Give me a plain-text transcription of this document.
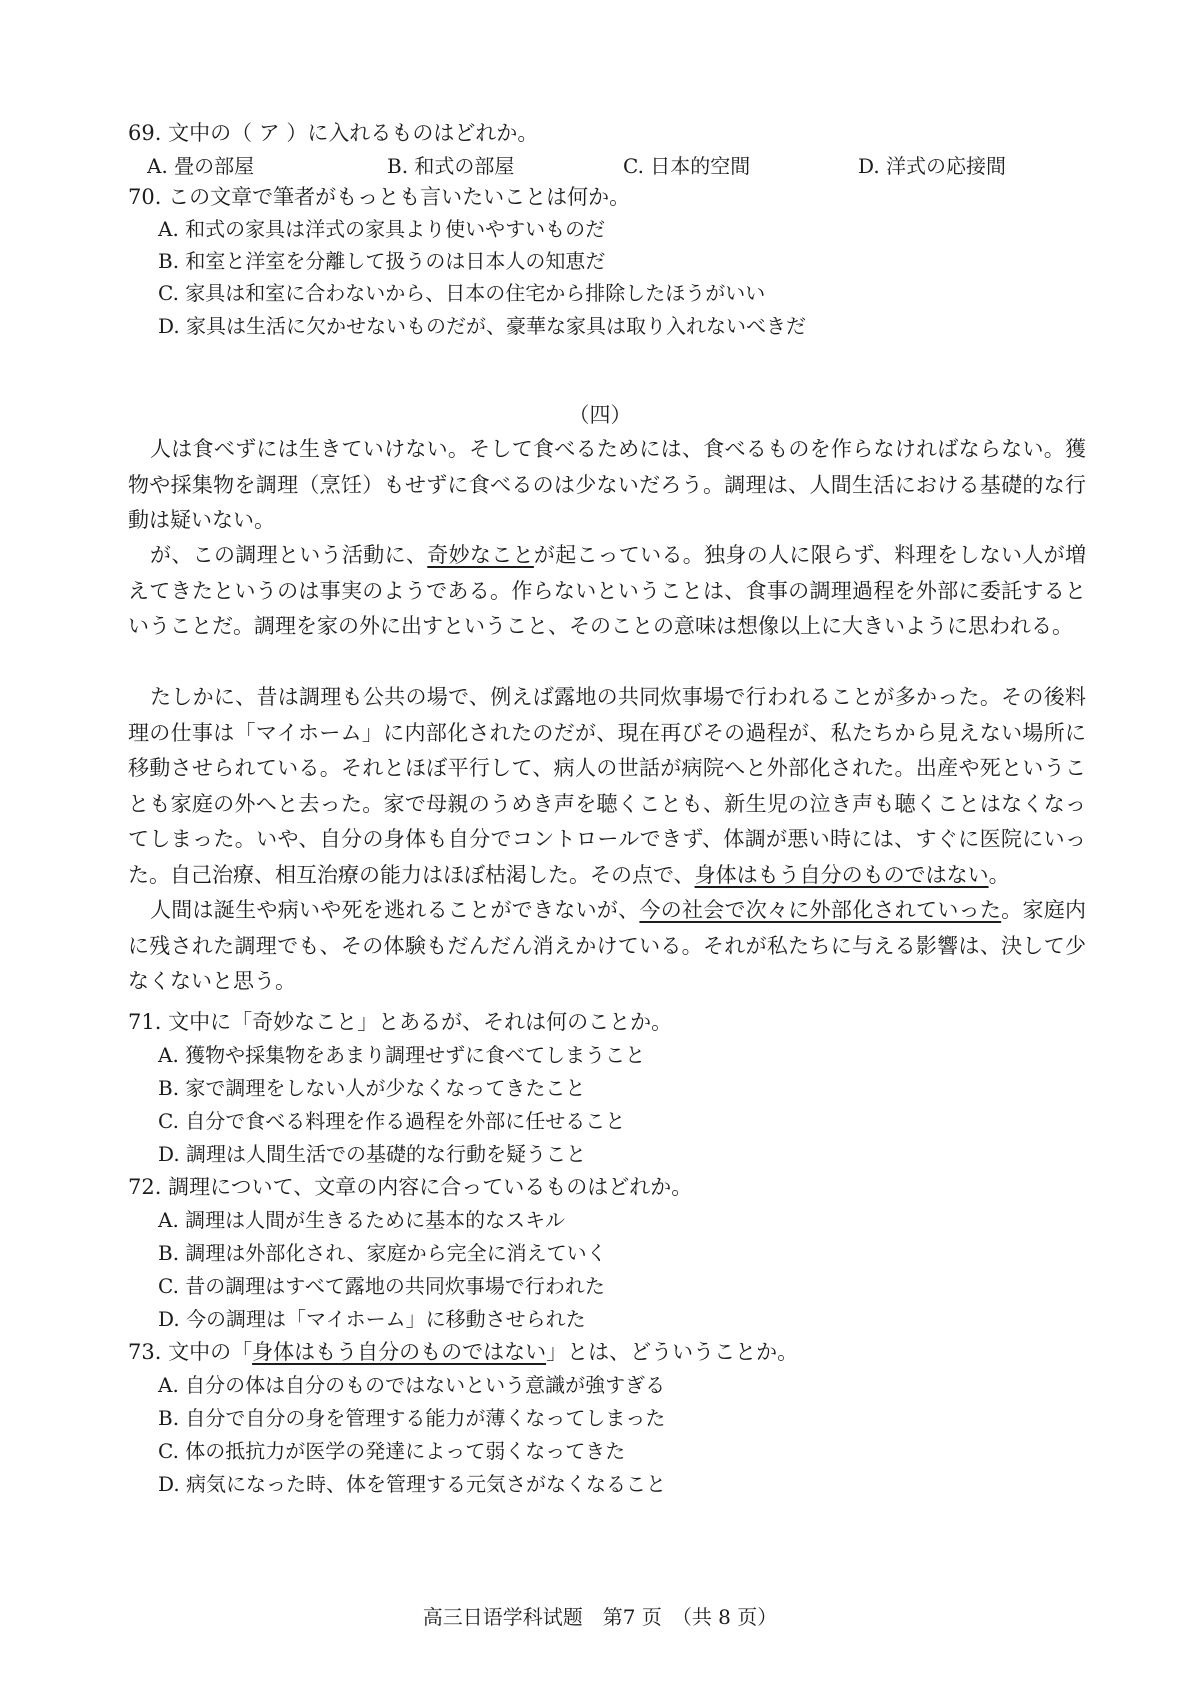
69. 文中の（ ア ）に入れるものはどれか。
A. 畳の部屋	B. 和式の部屋	C. 日本的空間	D. 洋式の応接間
70. この文章で筆者がもっとも言いたいことは何か。
A. 和式の家具は洋式の家具より使いやすいものだ
B. 和室と洋室を分離して扱うのは日本人の知恵だ
C. 家具は和室に合わないから、日本の住宅から排除したほうがいい
D. 家具は生活に欠かせないものだが、豪華な家具は取り入れないべきだ
（四）
人は食べずには生きていけない。そして食べるためには、食べるものを作らなければならない。獲物や採集物を調理（烹饪）もせずに食べるのは少ないだろう。調理は、人間生活における基礎的な行動は疑いない。
が、この調理という活動に、奇妙なことが起こっている。独身の人に限らず、料理をしない人が増えてきたというのは事実のようである。作らないということは、食事の調理過程を外部に委託するということだ。調理を家の外に出すということ、そのことの意味は想像以上に大きいように思われる。
たしかに、昔は調理も公共の場で、例えば露地の共同炊事場で行われることが多かった。その後料理の仕事は「マイホーム」に内部化されたのだが、現在再びその過程が、私たちから見えない場所に移動させられている。それとほぼ平行して、病人の世話が病院へと外部化された。出産や死ということも家庭の外へと去った。家で母親のうめき声を聴くことも、新生児の泣き声も聴くことはなくなってしまった。いや、自分の身体も自分でコントロールできず、体調が悪い時には、すぐに医院にいった。自己治療、相互治療の能力はほぼ枯渇した。その点で、身体はもう自分のものではない。
人間は誕生や病いや死を逃れることができないが、今の社会で次々に外部化されていった。家庭内に残された調理でも、その体験もだんだん消えかけている。それが私たちに与える影響は、決して少なくないと思う。
71. 文中に「奇妙なこと」とあるが、それは何のことか。
A. 獲物や採集物をあまり調理せずに食べてしまうこと
B. 家で調理をしない人が少なくなってきたこと
C. 自分で食べる料理を作る過程を外部に任せること
D. 調理は人間生活での基礎的な行動を疑うこと
72. 調理について、文章の内容に合っているものはどれか。
A. 調理は人間が生きるために基本的なスキル
B. 調理は外部化され、家庭から完全に消えていく
C. 昔の調理はすべて露地の共同炊事場で行われた
D. 今の調理は「マイホーム」に移動させられた
73. 文中の「身体はもう自分のものではない」とは、どういうことか。
A. 自分の体は自分のものではないという意識が強すぎる
B. 自分で自分の身を管理する能力が薄くなってしまった
C. 体の抵抗力が医学の発達によって弱くなってきた
D. 病気になった時、体を管理する元気さがなくなること
高三日语学科试题　第7 页　（共 8 页）
